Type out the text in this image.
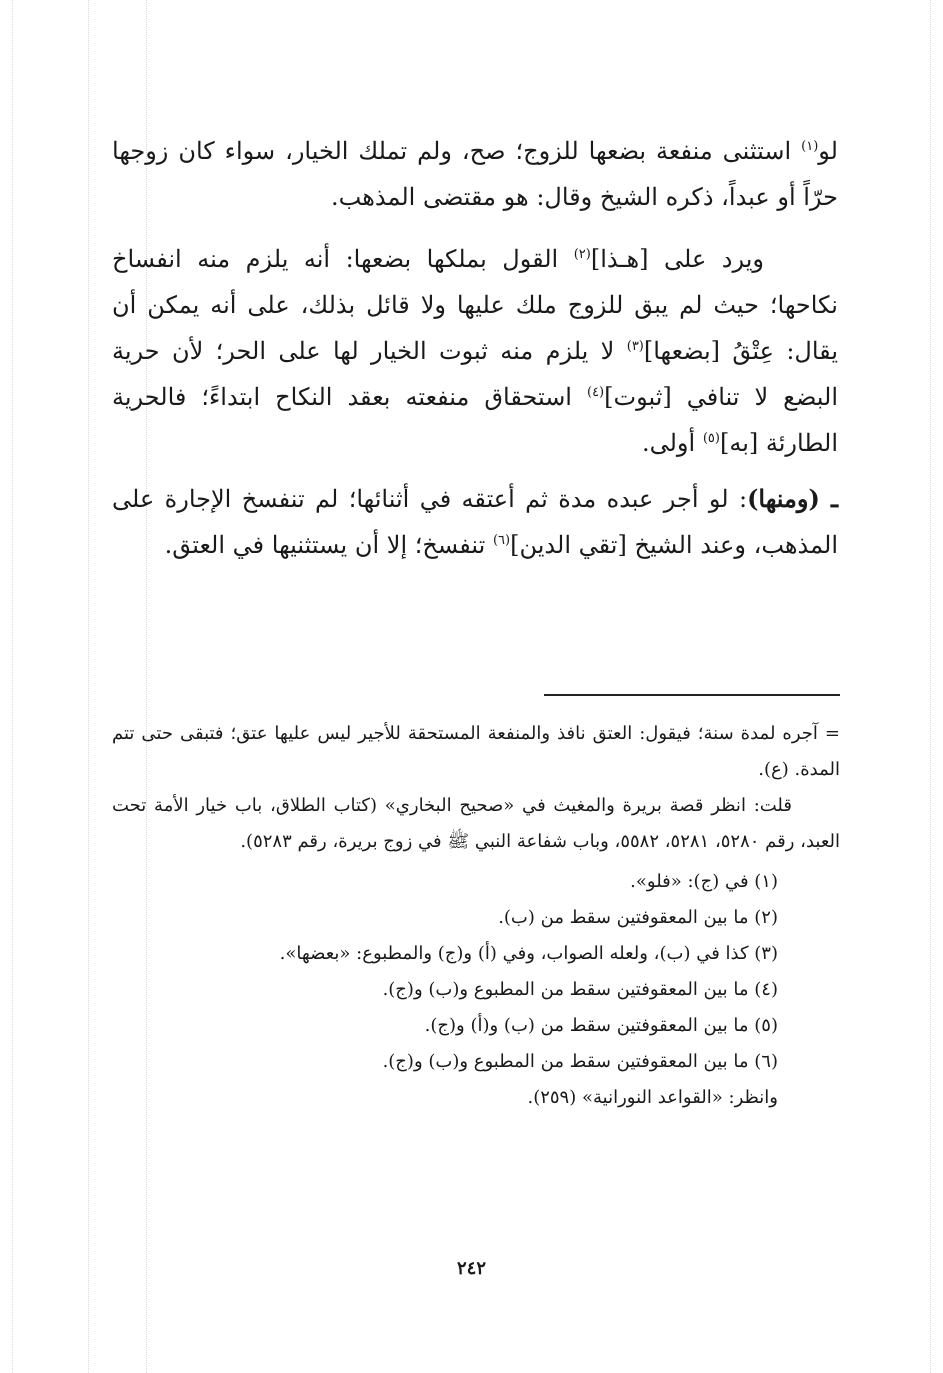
لو$^{(١)}$ استثنى منفعة بضعها للزوج؛ صح، ولم تملك الخيار، سواء كان زوجها حرّاً أو عبداً، ذكره الشيخ وقال: هو مقتضى المذهب.

ويرد على [هـذا]$^{(٢)}$ القول بملكها بضعها: أنه يلزم منه انفساخ نكاحها؛ حيث لم يبق للزوج ملك عليها ولا قائل بذلك، على أنه يمكن أن يقال: عِتْقُ [بضعها]$^{(٣)}$ لا يلزم منه ثبوت الخيار لها على الحر؛ لأن حرية البضع لا تنافي [ثبوت]$^{(٤)}$ استحقاق منفعته بعقد النكاح ابتداءً؛ فالحرية الطارئة [به]$^{(٥)}$ أولى.

ـ (ومنها): لو أجر عبده مدة ثم أعتقه في أثنائها؛ لم تنفسخ الإجارة على المذهب، وعند الشيخ [تقي الدين]$^{(٦)}$ تنفسخ؛ إلا أن يستثنيها في العتق.

= آجره لمدة سنة؛ فيقول: العتق نافذ والمنفعة المستحقة للأجير ليس عليها عتق؛ فتبقى حتى تتم المدة. (ع).

قلت: انظر قصة بريرة والمغيث في «صحيح البخاري» (كتاب الطلاق، باب خيار الأمة تحت العبد، رقم ٥٢٨٠، ٥٢٨١، ٥٥٨٢، وباب شفاعة النبي ﷺ في زوج بريرة، رقم ٥٢٨٣).

(١) في (ج): «فلو».
(٢) ما بين المعقوفتين سقط من (ب).
(٣) كذا في (ب)، ولعله الصواب، وفي (أ) و(ج) والمطبوع: «بعضها».
(٤) ما بين المعقوفتين سقط من المطبوع و(ب) و(ج).
(٥) ما بين المعقوفتين سقط من (ب) و(أ) و(ج).
(٦) ما بين المعقوفتين سقط من المطبوع و(ب) و(ج).
وانظر: «القواعد النورانية» (٢٥٩).
٢٤٢
